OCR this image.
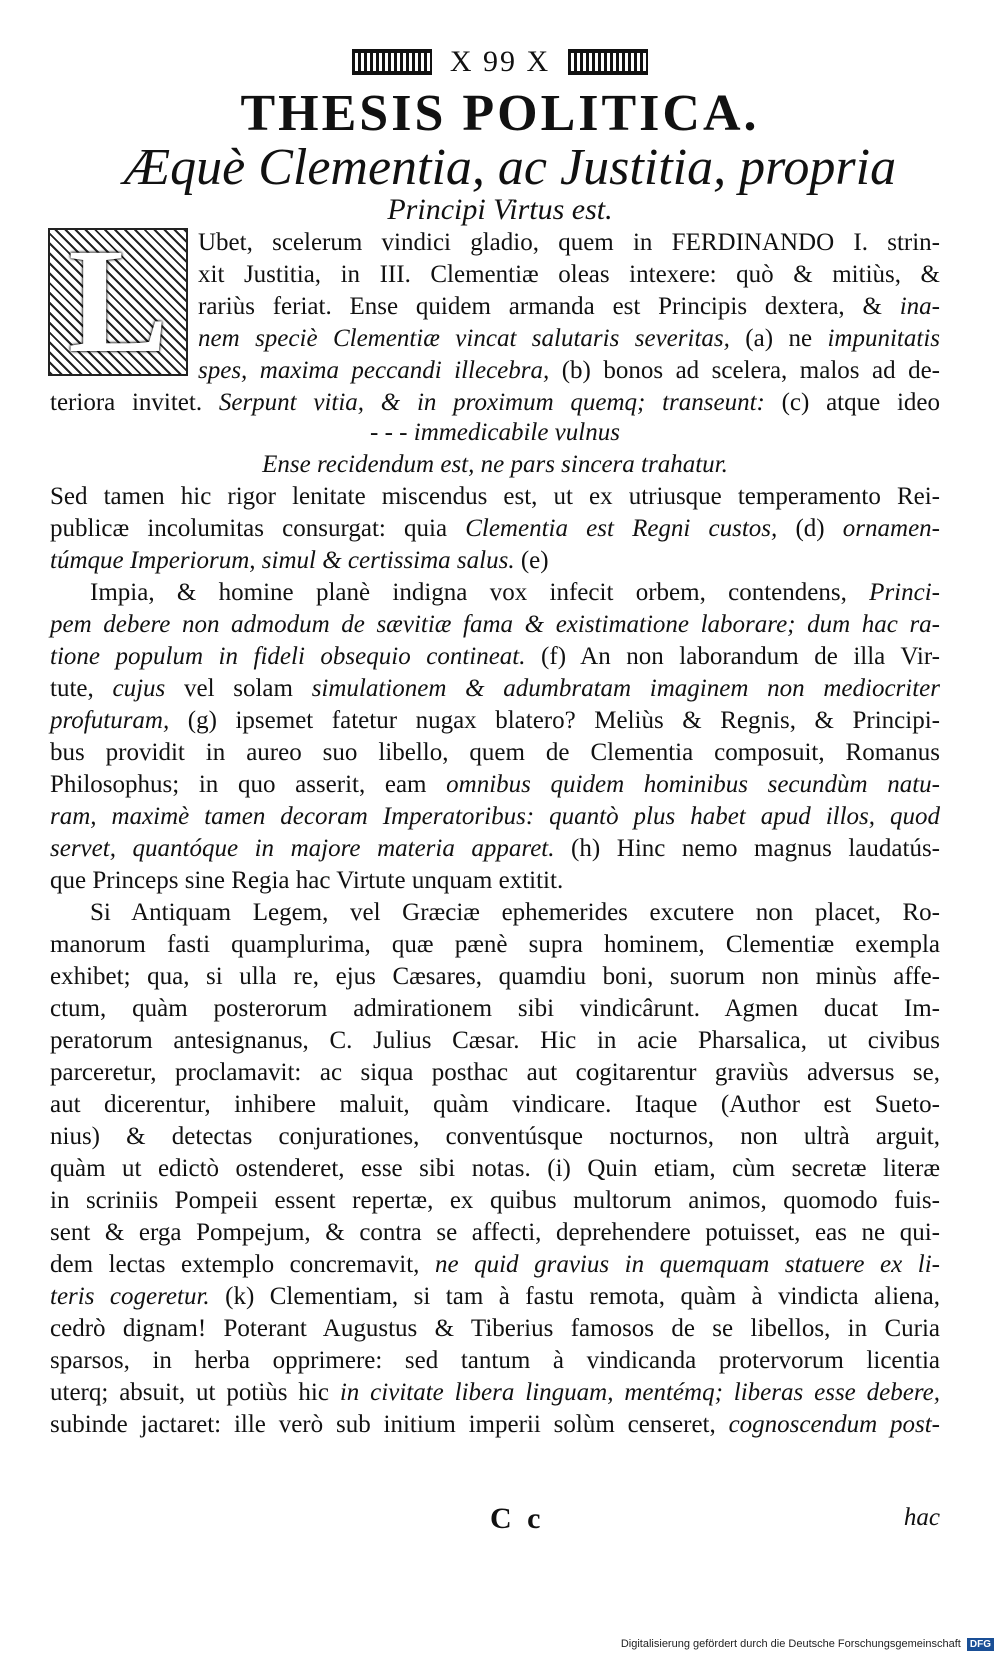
X 99 X
THESIS POLITICA.
Æquè Clementia, ac Justitia, propria
Principi Virtus est.
L Ubet, scelerum vindici gladio, quem in FERDINANDO I. strin-
xit Justitia, in III. Clementiæ oleas intexere: quò & mitiùs, &
rariùs feriat. Ense quidem armanda est Principis dextera, & ina-
nem speciè Clementiæ vincat salutaris severitas, (a) ne impunitatis
spes, maxima peccandi illecebra, (b) bonos ad scelera, malos ad de-
teriora invitet. Serpunt vitia, & in proximum quemq; transeunt: (c) atque ideo
- - - immedicabile vulnus
Ense recidendum est, ne pars sincera trahatur.
Sed tamen hic rigor lenitate miscendus est, ut ex utriusque temperamento Rei-
publicæ incolumitas consurgat: quia Clementia est Regni custos, (d) ornamen-
túmque Imperiorum, simul & certissima salus. (e)
Impia, & homine planè indigna vox infecit orbem, contendens, Princi-
pem debere non admodum de sævitiæ fama & existimatione laborare; dum hac ra-
tione populum in fideli obsequio contineat. (f) An non laborandum de illa Vir-
tute, cujus vel solam simulationem & adumbratam imaginem non mediocriter
profuturam, (g) ipsemet fatetur nugax blatero? Meliùs & Regnis, & Principi-
bus providit in aureo suo libello, quem de Clementia composuit, Romanus
Philosophus; in quo asserit, eam omnibus quidem hominibus secundùm natu-
ram, maximè tamen decoram Imperatoribus: quantò plus habet apud illos, quod
servet, quantóque in majore materia apparet. (h) Hinc nemo magnus laudatús-
que Princeps sine Regia hac Virtute unquam extitit.
Si Antiquam Legem, vel Græciæ ephemerides excutere non placet, Ro-
manorum fasti quamplurima, quæ pænè supra hominem, Clementiæ exempla
exhibet; qua, si ulla re, ejus Cæsares, quamdiu boni, suorum non minùs affe-
ctum, quàm posterorum admirationem sibi vindicârunt. Agmen ducat Im-
peratorum antesignanus, C. Julius Cæsar. Hic in acie Pharsalica, ut civibus
parceretur, proclamavit: ac siqua posthac aut cogitarentur graviùs adversus se,
aut dicerentur, inhibere maluit, quàm vindicare. Itaque (Author est Sueto-
nius) & detectas conjurationes, conventúsque nocturnos, non ultrà arguit,
quàm ut edictò ostenderet, esse sibi notas. (i) Quin etiam, cùm secretæ literæ
in scriniis Pompeii essent repertæ, ex quibus multorum animos, quomodo fuis-
sent & erga Pompejum, & contra se affecti, deprehendere potuisset, eas ne qui-
dem lectas extemplo concremavit, ne quid gravius in quemquam statuere ex li-
teris cogeretur. (k) Clementiam, si tam à fastu remota, quàm à vindicta aliena,
cedrò dignam! Poterant Augustus & Tiberius famosos de se libellos, in Curia
sparsos, in herba opprimere: sed tantum à vindicanda protervorum licentia
uterq; absuit, ut potiùs hic in civitate libera linguam, mentémq; liberas esse debere,
subinde jactaret: ille verò sub initium imperii solùm censeret, cognoscendum post-
C c	hac
Digitalisierung gefördert durch die Deutsche Forschungsgemeinschaft DFG
